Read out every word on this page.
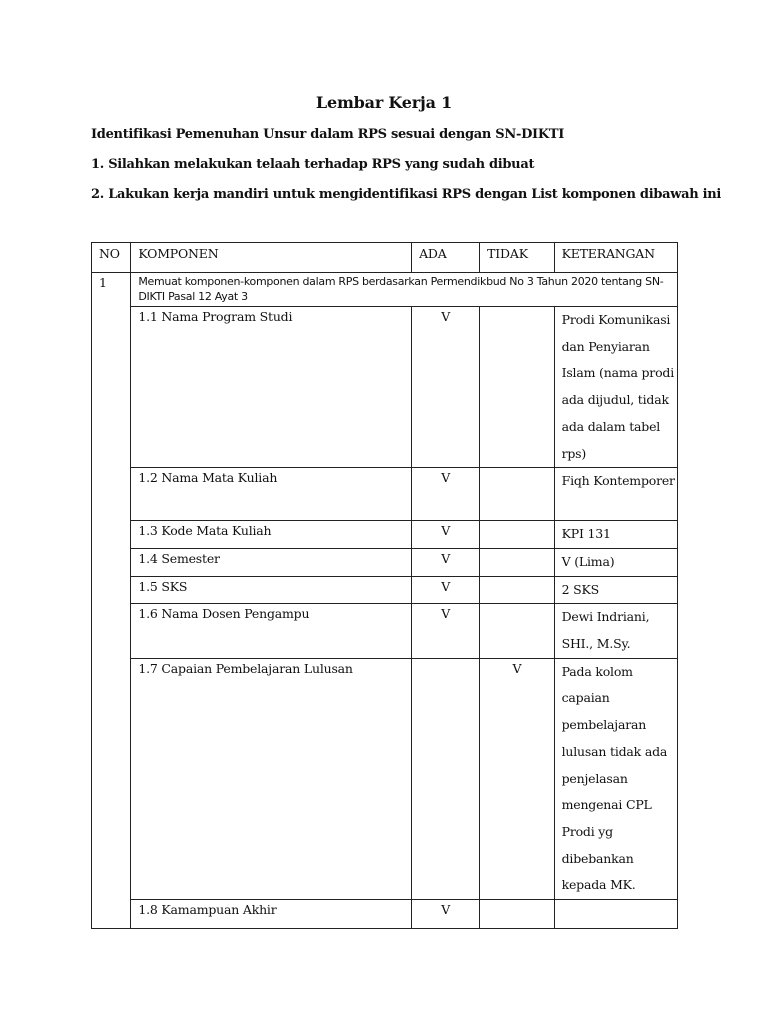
Lembar Kerja 1
Identifikasi Pemenuhan Unsur dalam RPS sesuai dengan SN-DIKTI
1. Silahkan melakukan telaah terhadap RPS yang sudah dibuat
2. Lakukan kerja mandiri untuk mengidentifikasi RPS dengan List komponen dibawah ini
NO	KOMPONEN	ADA	TIDAK	KETERANGAN
1	Memuat komponen-komponen dalam RPS berdasarkan Permendikbud No 3 Tahun 2020 tentang SN-DIKTI Pasal 12 Ayat 3			
	1.1 Nama Program Studi	V		Prodi Komunikasi dan Penyiaran Islam (nama prodi ada dijudul, tidak ada dalam tabel rps)
	1.2 Nama Mata Kuliah	V		Fiqh Kontemporer
	1.3 Kode Mata Kuliah	V		KPI 131
	1.4 Semester	V		V (Lima)
	1.5 SKS	V		2 SKS
	1.6 Nama Dosen Pengampu	V		Dewi Indriani, SHI., M.Sy.
	1.7 Capaian Pembelajaran Lulusan		V	Pada kolom capaian pembelajaran lulusan tidak ada penjelasan mengenai CPL Prodi yg dibebankan kepada MK.
	1.8 Kamampuan Akhir	V		
